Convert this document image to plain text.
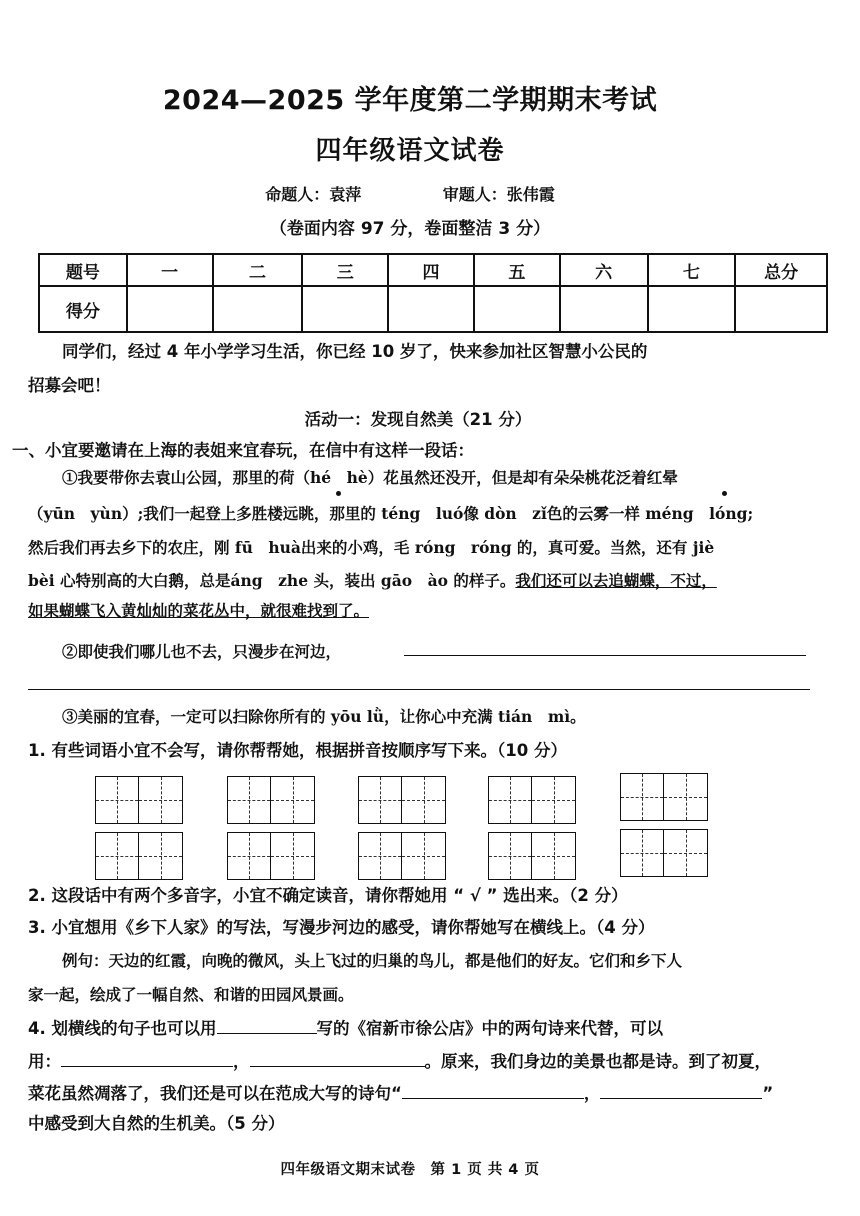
2024—2025 学年度第二学期期末考试
四年级语文试卷
命题人：袁萍	审题人：张伟霞
（卷面内容 97 分，卷面整洁 3 分）
题号	一	二	三	四	五	六	七	总分
得分								
同学们，经过 4 年小学学习生活，你已经 10 岁了，快来参加社区智慧小公民的
招募会吧！
活动一：发现自然美（21 分）
一、小宜要邀请在上海的表姐来宜春玩，在信中有这样一段话：
①我要带你去袁山公园，那里的荷（hé　hè）花虽然还没开，但是却有朵朵桃花泛着红晕
（yūn　yùn）;我们一起登上多胜楼远眺，那里的 téng　luó像 dòn　zǐ色的云雾一样 méng　lóng;
然后我们再去乡下的农庄，刚 fū　huà出来的小鸡，毛 róng　róng 的，真可爱。当然，还有 jiè
bèi 心特别高的大白鹅，总是áng　zhe 头，装出 gāo　ào 的样子。我们还可以去追蝴蝶，不过，
如果蝴蝶飞入黄灿灿的菜花丛中，就很难找到了。
②即使我们哪儿也不去，只漫步在河边，
③美丽的宜春，一定可以扫除你所有的 yōu lǜ，让你心中充满 tián　mì。
1. 有些词语小宜不会写，请你帮帮她，根据拼音按顺序写下来。（10 分）
2. 这段话中有两个多音字，小宜不确定读音，请你帮她用 “ √ ” 选出来。（2 分）
3. 小宜想用《乡下人家》的写法，写漫步河边的感受，请你帮她写在横线上。（4 分）
例句：天边的红霞，向晚的微风，头上飞过的归巢的鸟儿，都是他们的好友。它们和乡下人
家一起，绘成了一幅自然、和谐的田园风景画。
4. 划横线的句子也可以用	写的《宿新市徐公店》中的两句诗来代替，可以
用：	，	。原来，我们身边的美景也都是诗。到了初夏，
菜花虽然凋落了，我们还是可以在范成大写的诗句“	，	”
中感受到大自然的生机美。（5 分）
四年级语文期末试卷　第 1 页 共 4 页
